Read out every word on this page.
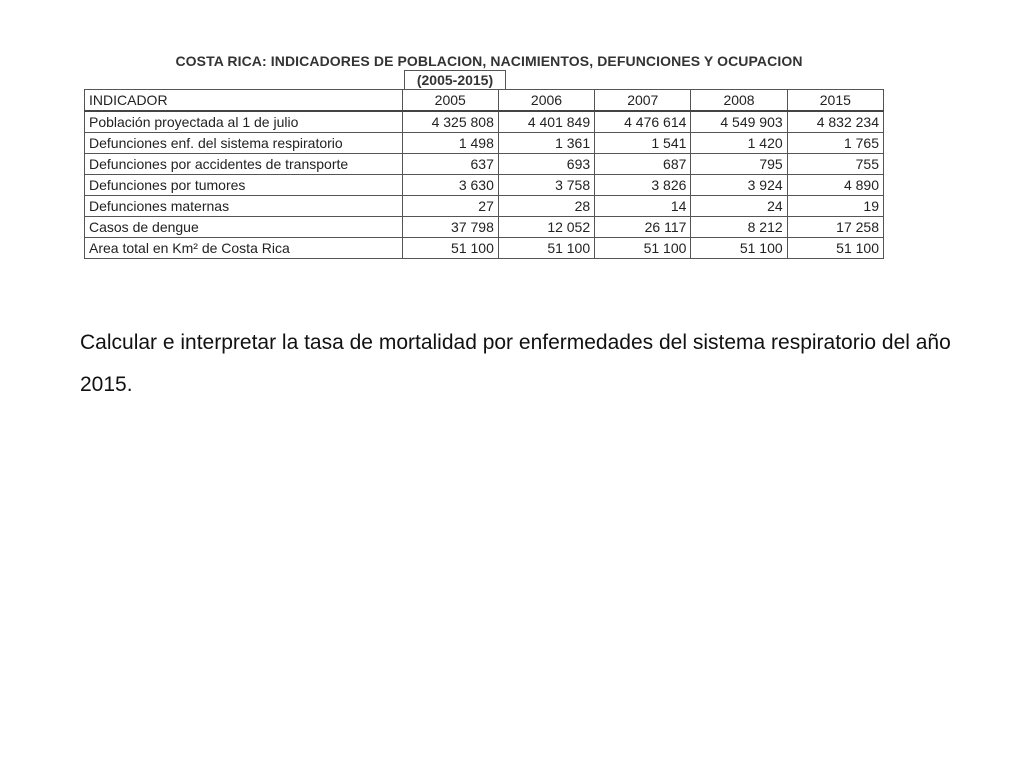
COSTA RICA: INDICADORES DE POBLACION, NACIMIENTOS, DEFUNCIONES Y OCUPACION
(2005-2015)
INDICADOR	2005	2006	2007	2008	2015
Población proyectada al 1 de julio	4 325 808	4 401 849	4 476 614	4 549 903	4 832 234
Defunciones enf. del sistema respiratorio	1 498	1 361	1 541	1 420	1 765
Defunciones por accidentes de transporte	637	693	687	795	755
Defunciones por tumores	3 630	3 758	3 826	3 924	4 890
Defunciones maternas	27	28	14	24	19
Casos de dengue	37 798	12 052	26 117	8 212	17 258
Area total en Km² de Costa Rica	51 100	51 100	51 100	51 100	51 100
Calcular e interpretar la tasa de mortalidad por enfermedades del sistema respiratorio del año 2015.
